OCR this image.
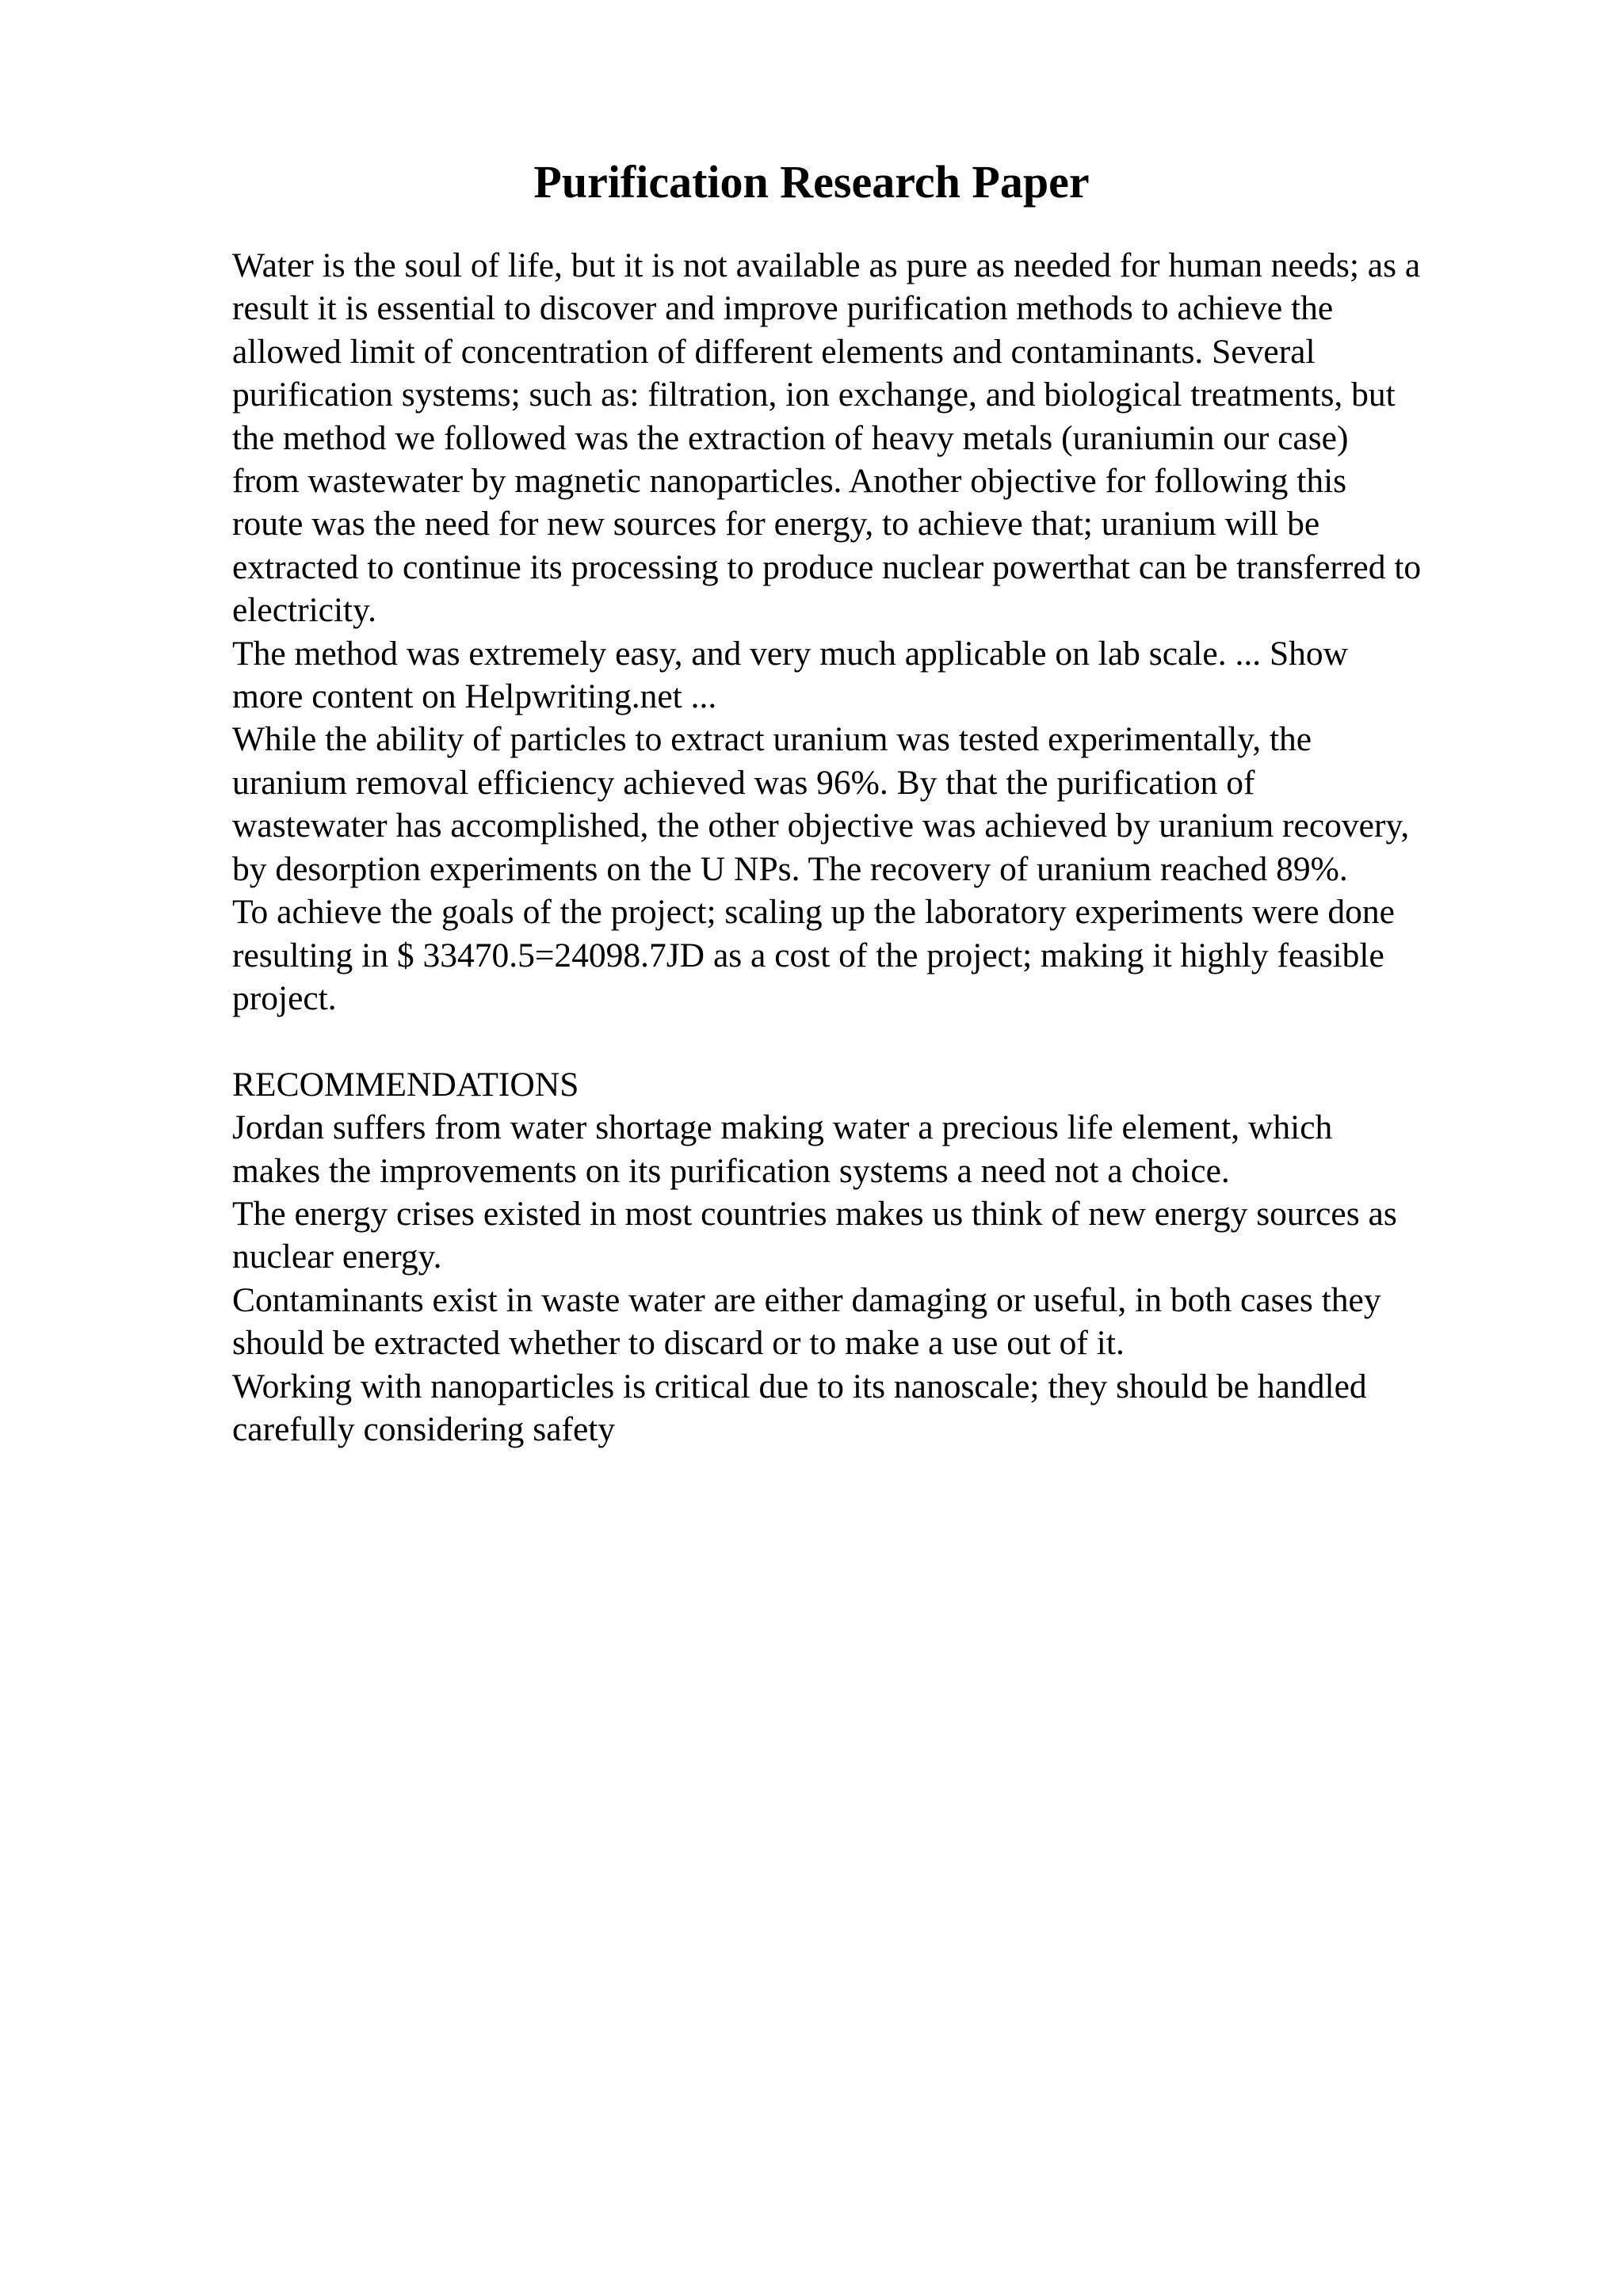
Purification Research Paper
Water is the soul of life, but it is not available as pure as needed for human needs; as a
result it is essential to discover and improve purification methods to achieve the
allowed limit of concentration of different elements and contaminants. Several
purification systems; such as: filtration, ion exchange, and biological treatments, but
the method we followed was the extraction of heavy metals (uraniumin our case)
from wastewater by magnetic nanoparticles. Another objective for following this
route was the need for new sources for energy, to achieve that; uranium will be
extracted to continue its processing to produce nuclear powerthat can be transferred to
electricity.
The method was extremely easy, and very much applicable on lab scale. ... Show
more content on Helpwriting.net ...
While the ability of particles to extract uranium was tested experimentally, the
uranium removal efficiency achieved was 96%. By that the purification of
wastewater has accomplished, the other objective was achieved by uranium recovery,
by desorption experiments on the U NPs. The recovery of uranium reached 89%.
To achieve the goals of the project; scaling up the laboratory experiments were done
resulting in $ 33470.5=24098.7JD as a cost of the project; making it highly feasible
project.
RECOMMENDATIONS
Jordan suffers from water shortage making water a precious life element, which
makes the improvements on its purification systems a need not a choice.
The energy crises existed in most countries makes us think of new energy sources as
nuclear energy.
Contaminants exist in waste water are either damaging or useful, in both cases they
should be extracted whether to discard or to make a use out of it.
Working with nanoparticles is critical due to its nanoscale; they should be handled
carefully considering safety
